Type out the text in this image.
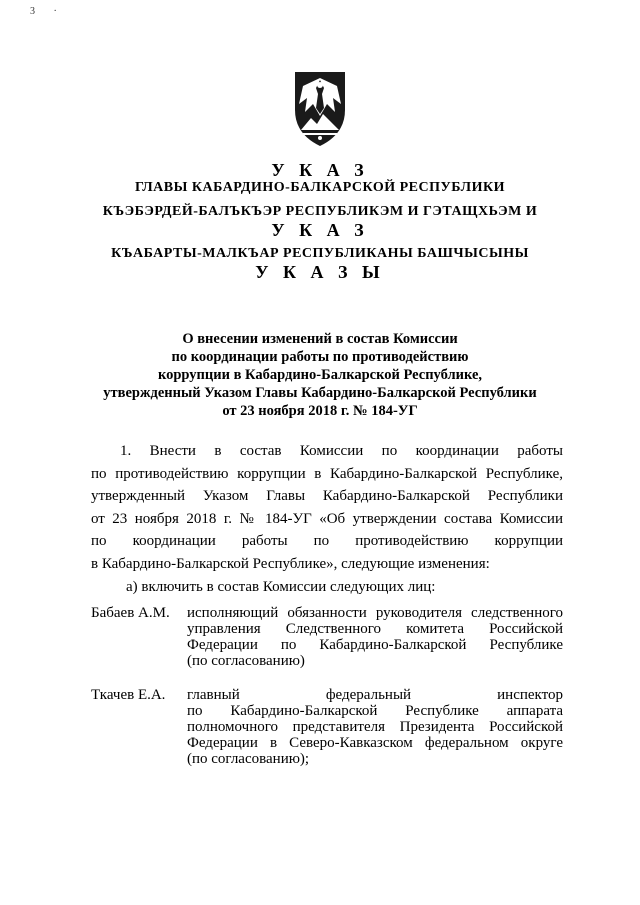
3 ·
У К А З
ГЛАВЫ КАБАРДИНО-БАЛКАРСКОЙ РЕСПУБЛИКИ
КЪЭБЭРДЕЙ-БАЛЪКЪЭР РЕСПУБЛИКЭМ И ГЭТАЩХЬЭМ И
У К А З
КЪАБАРТЫ-МАЛКЪАР РЕСПУБЛИКАНЫ БАШЧЫСЫНЫ
У К А З Ы
О внесении изменений в состав Комиссии
по координации работы по противодействию
коррупции в Кабардино-Балкарской Республике,
утвержденный Указом Главы Кабардино-Балкарской Республики
от 23 ноября 2018 г. № 184-УГ
1. Внести в состав Комиссии по координации работы
по противодействию коррупции в Кабардино-Балкарской Республике,
утвержденный Указом Главы Кабардино-Балкарской Республики
от 23 ноября 2018 г. № 184-УГ «Об утверждении состава Комиссии
по координации работы по противодействию коррупции
в Кабардино-Балкарской Республике», следующие изменения:
а) включить в состав Комиссии следующих лиц:
Бабаев А.М. исполняющий обязанности руководителя следственного
управления Следственного комитета Российской
Федерации по Кабардино-Балкарской Республике
(по согласованию)
Ткачев Е.А. главный федеральный инспектор
по Кабардино-Балкарской Республике аппарата
полномочного представителя Президента Российской
Федерации в Северо-Кавказском федеральном округе
(по согласованию);
